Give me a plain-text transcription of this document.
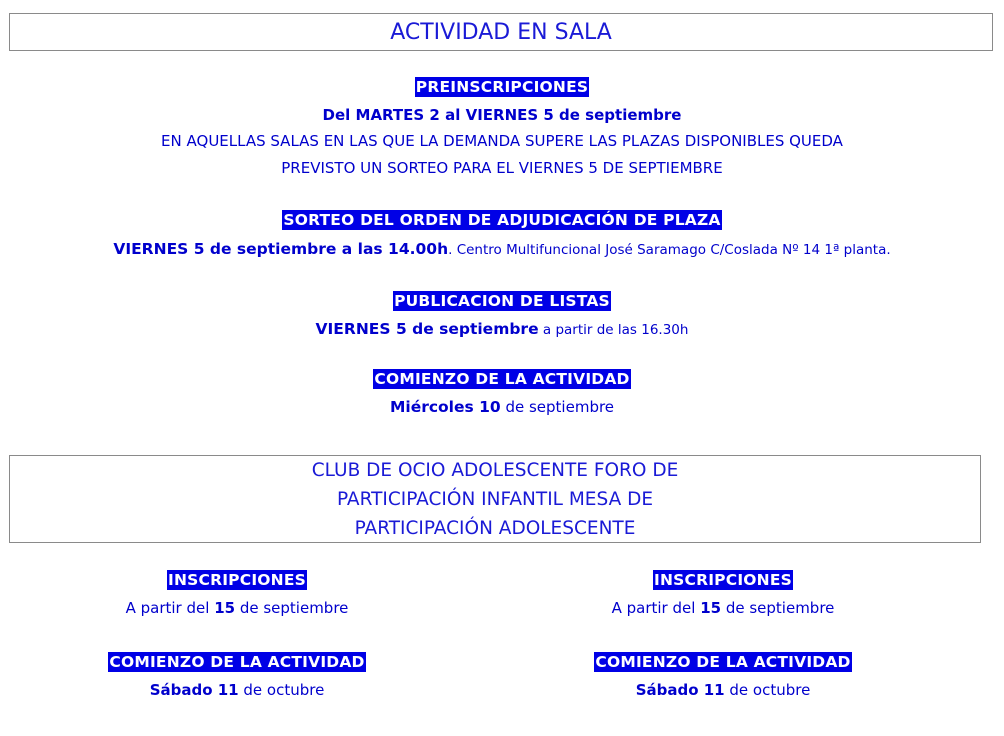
ACTIVIDAD EN SALA
PREINSCRIPCIONES
Del MARTES 2 al VIERNES 5 de septiembre
EN AQUELLAS SALAS EN LAS QUE LA DEMANDA SUPERE LAS PLAZAS DISPONIBLES QUEDA
PREVISTO UN SORTEO PARA EL VIERNES 5 DE SEPTIEMBRE
SORTEO DEL ORDEN DE ADJUDICACIÓN DE PLAZA
VIERNES 5 de septiembre a las 14.00h. Centro Multifuncional José Saramago C/Coslada Nº 14 1ª planta.
PUBLICACION DE LISTAS
VIERNES 5 de septiembre a partir de las 16.30h
COMIENZO DE LA ACTIVIDAD
Miércoles 10 de septiembre
CLUB DE OCIO ADOLESCENTE FORO DE
PARTICIPACIÓN INFANTIL MESA DE
PARTICIPACIÓN ADOLESCENTE
INSCRIPCIONES
A partir del 15 de septiembre
COMIENZO DE LA ACTIVIDAD
Sábado 11 de octubre
INSCRIPCIONES
A partir del 15 de septiembre
COMIENZO DE LA ACTIVIDAD
Sábado 11 de octubre
